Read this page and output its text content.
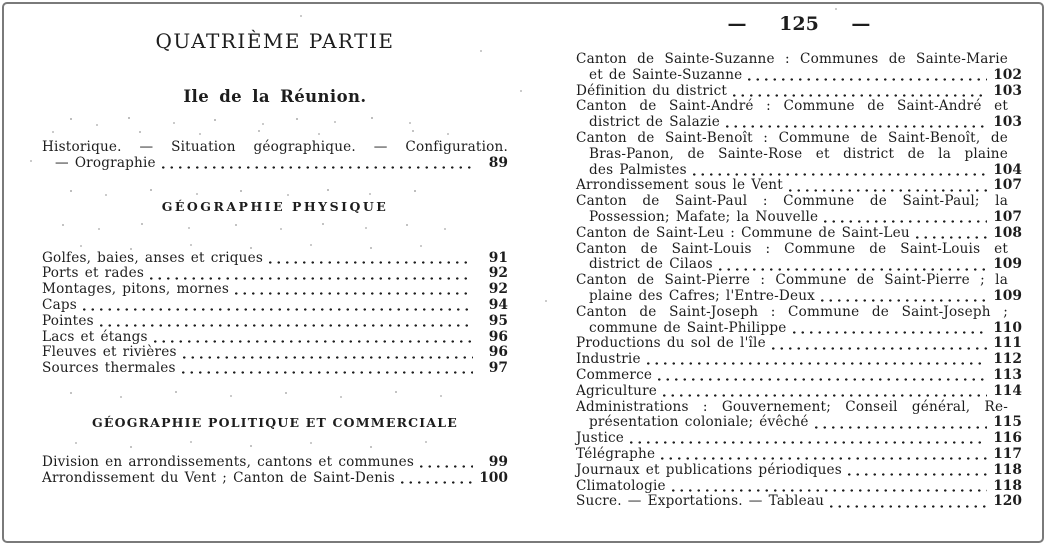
QUATRIÈME PARTIE
Ile de la Réunion.
Historique. — Situation géographique. — Configuration.
— Orographie	89
GÉOGRAPHIE PHYSIQUE
Golfes, baies, anses et criques	91
Ports et rades	92
Montages, pitons, mornes	92
Caps	94
Pointes	95
Lacs et étangs	96
Fleuves et rivières	96
Sources thermales	97
GÉOGRAPHIE POLITIQUE ET COMMERCIALE
Division en arrondissements, cantons et communes	99
Arrondissement du Vent ; Canton de Saint-Denis	100
— 125 —
Canton de Sainte-Suzanne : Communes de Sainte-Marie
et de Sainte-Suzanne	102
Définition du district	103
Canton de Saint-André : Commune de Saint-André et
district de Salazie	103
Canton de Saint-Benoît : Commune de Saint-Benoît, de
Bras-Panon, de Sainte-Rose et district de la plaine
des Palmistes	104
Arrondissement sous le Vent	107
Canton de Saint-Paul : Commune de Saint-Paul; la
Possession; Mafate; la Nouvelle	107
Canton de Saint-Leu : Commune de Saint-Leu	108
Canton de Saint-Louis : Commune de Saint-Louis et
district de Cilaos	109
Canton de Saint-Pierre : Commune de Saint-Pierre ; la
plaine des Cafres; l'Entre-Deux	109
Canton de Saint-Joseph : Commune de Saint-Joseph ;
commune de Saint-Philippe	110
Productions du sol de l'île	111
Industrie	112
Commerce	113
Agriculture	114
Administrations : Gouvernement; Conseil général, Re-
présentation coloniale; évêché	115
Justice	116
Télégraphe	117
Journaux et publications périodiques	118
Climatologie	118
Sucre. — Exportations. — Tableau	120
